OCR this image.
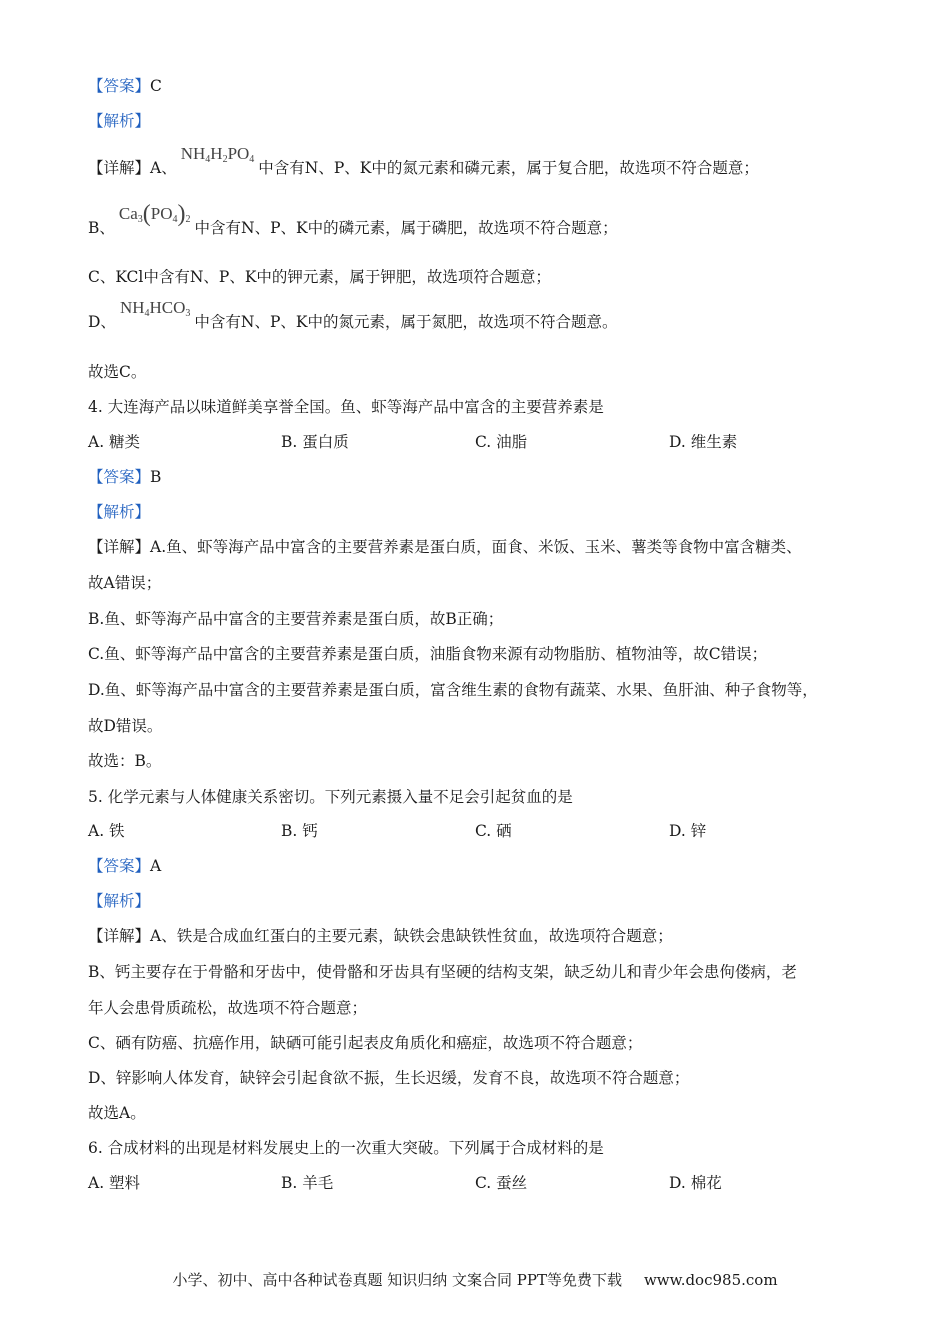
【答案】C
【解析】
【详解】A、$NH_4H_2PO_4$ 中含有N、P、K中的氮元素和磷元素，属于复合肥，故选项不符合题意；
B、$Ca_3(PO_4)_2$ 中含有N、P、K中的磷元素，属于磷肥，故选项不符合题意；
C、KCl中含有N、P、K中的钾元素，属于钾肥，故选项符合题意；
D、$NH_4HCO_3$ 中含有N、P、K中的氮元素，属于氮肥，故选项不符合题意。
故选C。
4. 大连海产品以味道鲜美享誉全国。鱼、虾等海产品中富含的主要营养素是
A. 糖类	B. 蛋白质	C. 油脂	D. 维生素
【答案】B
【解析】
【详解】A.鱼、虾等海产品中富含的主要营养素是蛋白质，面食、米饭、玉米、薯类等食物中富含糖类、
故A错误；
B.鱼、虾等海产品中富含的主要营养素是蛋白质，故B正确；
C.鱼、虾等海产品中富含的主要营养素是蛋白质，油脂食物来源有动物脂肪、植物油等，故C错误；
D.鱼、虾等海产品中富含的主要营养素是蛋白质，富含维生素的食物有蔬菜、水果、鱼肝油、种子食物等，
故D错误。
故选：B。
5. 化学元素与人体健康关系密切。下列元素摄入量不足会引起贫血的是
A. 铁	B. 钙	C. 硒	D. 锌
【答案】A
【解析】
【详解】A、铁是合成血红蛋白的主要元素，缺铁会患缺铁性贫血，故选项符合题意；
B、钙主要存在于骨骼和牙齿中，使骨骼和牙齿具有坚硬的结构支架，缺乏幼儿和青少年会患佝偻病，老
年人会患骨质疏松，故选项不符合题意；
C、硒有防癌、抗癌作用，缺硒可能引起表皮角质化和癌症，故选项不符合题意；
D、锌影响人体发育，缺锌会引起食欲不振，生长迟缓，发育不良，故选项不符合题意；
故选A。
6. 合成材料的出现是材料发展史上的一次重大突破。下列属于合成材料的是
A. 塑料	B. 羊毛	C. 蚕丝	D. 棉花
小学、初中、高中各种试卷真题 知识归纳 文案合同 PPT等免费下载 www.doc985.com
